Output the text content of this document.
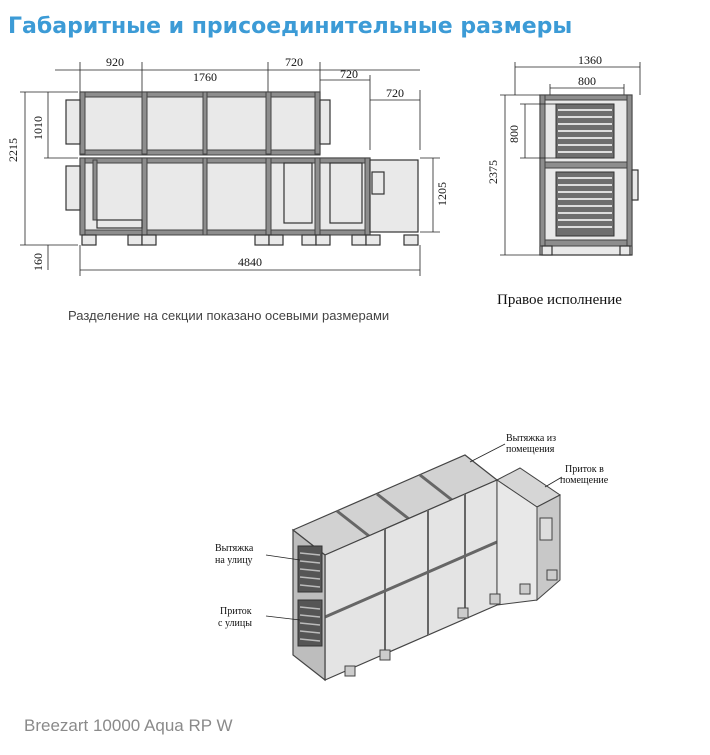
Габаритные и присоединительные размеры
920
1760
720
720
720
2215
1010
160
1205
4840
1360
800
2375
800
Вытяжка из
помещения
Приток в
помещение
Вытяжка
на улицу
Приток
с улицы
Разделение на секции показано осевыми размерами
Правое исполнение
Breezart 10000 Aqua RP W
